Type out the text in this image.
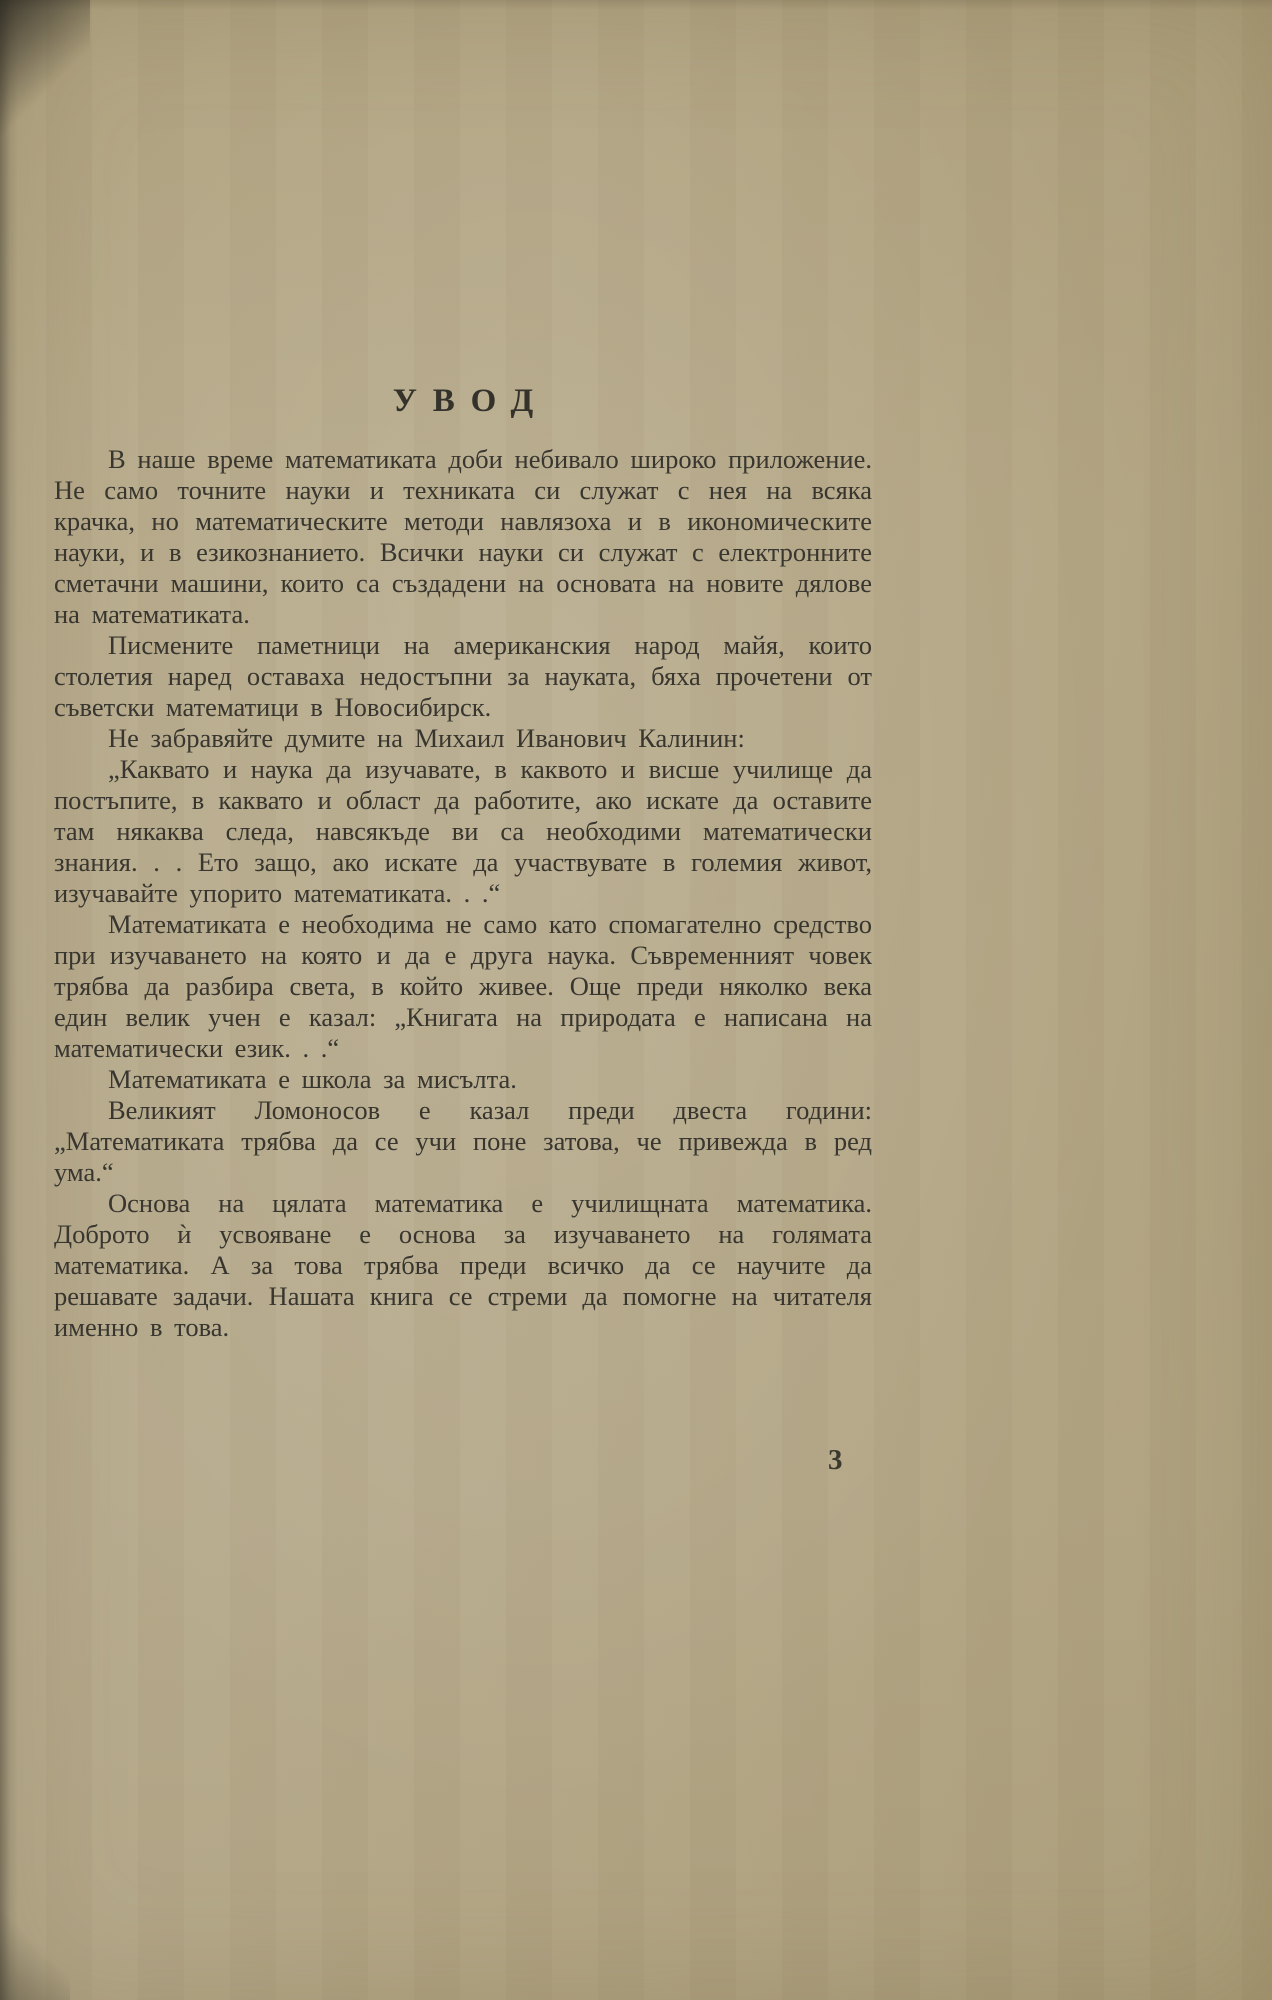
УВОД

В наше време математиката доби небивало широко приложение. Не само точните науки и техниката си служат с нея на всяка крачка, но математическите методи навлязоха и в икономическите науки, и в езикознанието. Всички науки си служат с електронните сметачни машини, които са създадени на основата на новите дялове на математиката.

Писмените паметници на американския народ майя, които столетия наред оставаха недостъпни за науката, бяха прочетени от съветски математици в Новосибирск.

Не забравяйте думите на Михаил Иванович Калинин:

„Каквато и наука да изучавате, в каквото и висше училище да постъпите, в каквато и област да работите, ако искате да оставите там някаква следа, навсякъде ви са необходими математически знания. . . Ето защо, ако искате да участвувате в големия живот, изучавайте упорито математиката. . .“

Математиката е необходима не само като спомагателно средство при изучаването на която и да е друга наука. Съвременният човек трябва да разбира света, в който живее. Още преди няколко века един велик учен е казал: „Книгата на природата е написана на математически език. . .“

Математиката е школа за мисълта.

Великият Ломоносов е казал преди двеста години: „Математиката трябва да се учи поне затова, че привежда в ред ума.“

Основа на цялата математика е училищната математика. Доброто ѝ усвояване е основа за изучаването на голямата математика. А за това трябва преди всичко да се научите да решавате задачи. Нашата книга се стреми да помогне на читателя именно в това.

3
